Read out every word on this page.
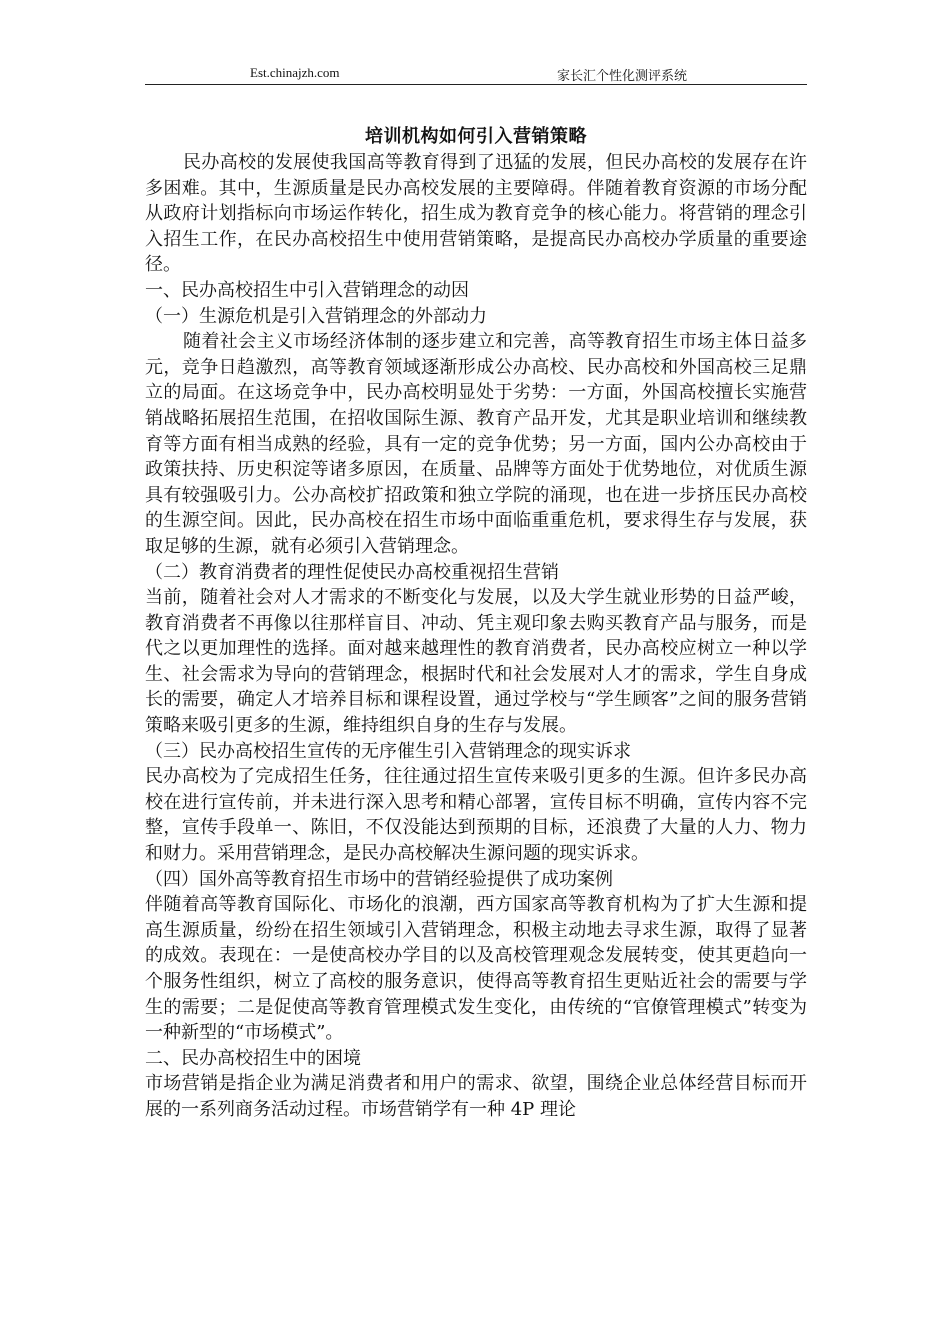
Est.chinajzh.com	家长汇个性化测评系统
培训机构如何引入营销策略

民办高校的发展使我国高等教育得到了迅猛的发展，但民办高校的发展存在许多困难。其中，生源质量是民办高校发展的主要障碍。伴随着教育资源的市场分配从政府计划指标向市场运作转化，招生成为教育竞争的核心能力。将营销的理念引入招生工作，在民办高校招生中使用营销策略，是提高民办高校办学质量的重要途径。

一、民办高校招生中引入营销理念的动因

（一）生源危机是引入营销理念的外部动力

随着社会主义市场经济体制的逐步建立和完善，高等教育招生市场主体日益多元，竞争日趋激烈，高等教育领域逐渐形成公办高校、民办高校和外国高校三足鼎立的局面。在这场竞争中，民办高校明显处于劣势：一方面，外国高校擅长实施营销战略拓展招生范围，在招收国际生源、教育产品开发，尤其是职业培训和继续教育等方面有相当成熟的经验，具有一定的竞争优势；另一方面，国内公办高校由于政策扶持、历史积淀等诸多原因，在质量、品牌等方面处于优势地位，对优质生源具有较强吸引力。公办高校扩招政策和独立学院的涌现，也在进一步挤压民办高校的生源空间。因此，民办高校在招生市场中面临重重危机，要求得生存与发展，获取足够的生源，就有必须引入营销理念。

（二）教育消费者的理性促使民办高校重视招生营销

当前，随着社会对人才需求的不断变化与发展，以及大学生就业形势的日益严峻，教育消费者不再像以往那样盲目、冲动、凭主观印象去购买教育产品与服务，而是代之以更加理性的选择。面对越来越理性的教育消费者，民办高校应树立一种以学生、社会需求为导向的营销理念，根据时代和社会发展对人才的需求，学生自身成长的需要，确定人才培养目标和课程设置，通过学校与“学生顾客”之间的服务营销策略来吸引更多的生源，维持组织自身的生存与发展。

（三）民办高校招生宣传的无序催生引入营销理念的现实诉求

民办高校为了完成招生任务，往往通过招生宣传来吸引更多的生源。但许多民办高校在进行宣传前，并未进行深入思考和精心部署，宣传目标不明确，宣传内容不完整，宣传手段单一、陈旧，不仅没能达到预期的目标，还浪费了大量的人力、物力和财力。采用营销理念，是民办高校解决生源问题的现实诉求。

（四）国外高等教育招生市场中的营销经验提供了成功案例

伴随着高等教育国际化、市场化的浪潮，西方国家高等教育机构为了扩大生源和提高生源质量，纷纷在招生领域引入营销理念，积极主动地去寻求生源，取得了显著的成效。表现在：一是使高校办学目的以及高校管理观念发展转变，使其更趋向一个服务性组织，树立了高校的服务意识，使得高等教育招生更贴近社会的需要与学生的需要；二是促使高等教育管理模式发生变化，由传统的“官僚管理模式”转变为一种新型的“市场模式”。

二、民办高校招生中的困境

市场营销是指企业为满足消费者和用户的需求、欲望，围绕企业总体经营目标而开展的一系列商务活动过程。市场营销学有一种 4P 理论
